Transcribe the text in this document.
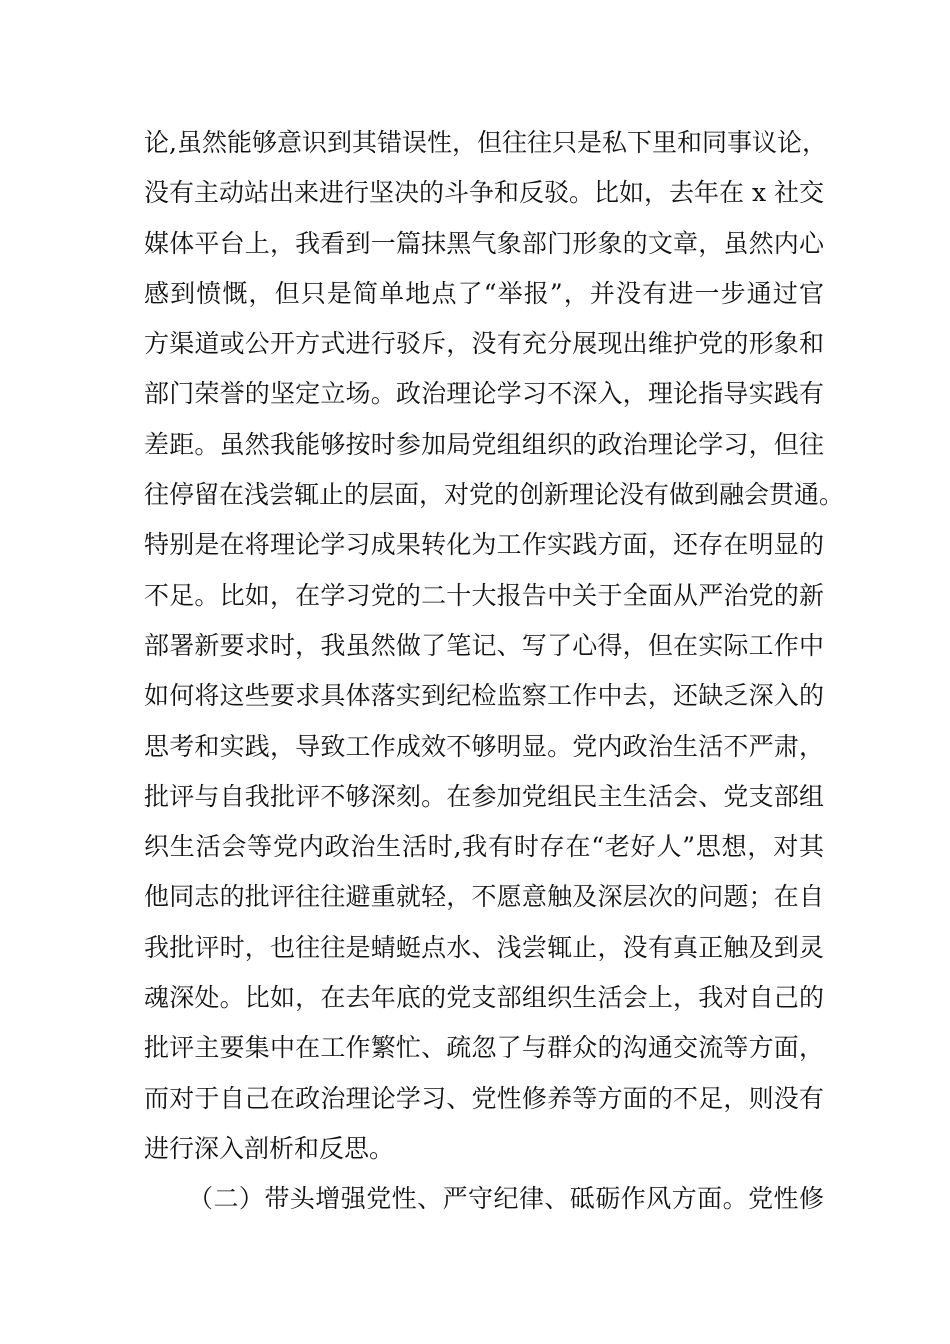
论,虽然能够意识到其错误性，但往往只是私下里和同事议论，
没有主动站出来进行坚决的斗争和反驳。比如，去年在 x 社交
媒体平台上，我看到一篇抹黑气象部门形象的文章，虽然内心
感到愤慨，但只是简单地点了“举报”，并没有进一步通过官
方渠道或公开方式进行驳斥，没有充分展现出维护党的形象和
部门荣誉的坚定立场。政治理论学习不深入，理论指导实践有
差距。虽然我能够按时参加局党组组织的政治理论学习，但往
往停留在浅尝辄止的层面，对党的创新理论没有做到融会贯通。
特别是在将理论学习成果转化为工作实践方面，还存在明显的
不足。比如，在学习党的二十大报告中关于全面从严治党的新
部署新要求时，我虽然做了笔记、写了心得，但在实际工作中
如何将这些要求具体落实到纪检监察工作中去，还缺乏深入的
思考和实践，导致工作成效不够明显。党内政治生活不严肃，
批评与自我批评不够深刻。在参加党组民主生活会、党支部组
织生活会等党内政治生活时,我有时存在“老好人”思想，对其
他同志的批评往往避重就轻，不愿意触及深层次的问题；在自
我批评时，也往往是蜻蜓点水、浅尝辄止，没有真正触及到灵
魂深处。比如，在去年底的党支部组织生活会上，我对自己的
批评主要集中在工作繁忙、疏忽了与群众的沟通交流等方面，
而对于自己在政治理论学习、党性修养等方面的不足，则没有
进行深入剖析和反思。
（二）带头增强党性、严守纪律、砥砺作风方面。党性修
